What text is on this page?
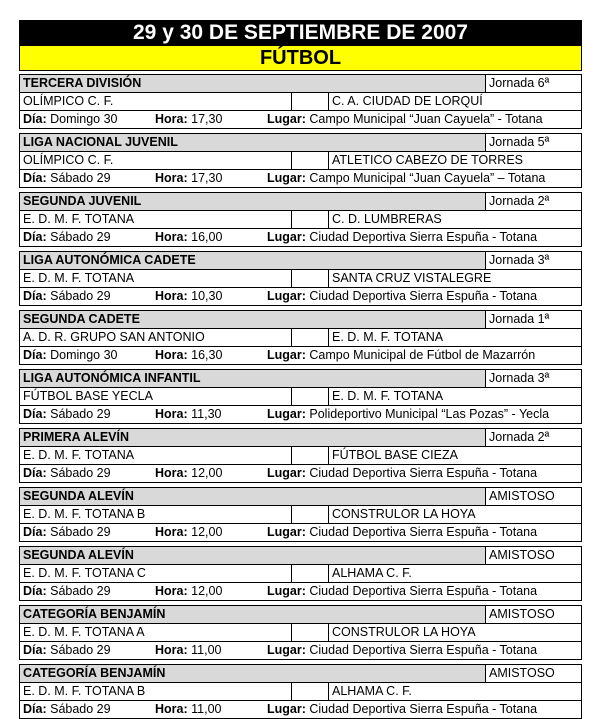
29 y 30 DE SEPTIEMBRE DE 2007
FÚTBOL
TERCERA DIVISIÓN	Jornada 6ª
OLÍMPICO C. F.	C. A. CIUDAD DE LORQUÍ
Día: Domingo 30	Hora: 17,30	Lugar: Campo Municipal “Juan Cayuela” - Totana
LIGA NACIONAL JUVENIL	Jornada 5ª
OLÍMPICO C. F.	ATLETICO CABEZO DE TORRES
Día: Sábado 29	Hora: 17,30	Lugar: Campo Municipal “Juan Cayuela” – Totana
SEGUNDA JUVENIL	Jornada 2ª
E. D. M. F. TOTANA	C. D. LUMBRERAS
Día: Sábado 29	Hora: 16,00	Lugar: Ciudad Deportiva Sierra Espuña - Totana
LIGA AUTONÓMICA CADETE	Jornada 3ª
E. D. M. F. TOTANA	SANTA CRUZ VISTALEGRE
Día: Sábado 29	Hora: 10,30	Lugar: Ciudad Deportiva Sierra Espuña - Totana
SEGUNDA CADETE	Jornada 1ª
A. D. R. GRUPO SAN ANTONIO	E. D. M. F. TOTANA
Día: Domingo 30	Hora: 16,30	Lugar: Campo Municipal de Fútbol de Mazarrón
LIGA AUTONÓMICA INFANTIL	Jornada 3ª
FÚTBOL BASE YECLA	E. D. M. F. TOTANA
Día: Sábado 29	Hora: 11,30	Lugar: Polideportivo Municipal “Las Pozas” - Yecla
PRIMERA ALEVÍN	Jornada 2ª
E. D. M. F. TOTANA	FÚTBOL BASE CIEZA
Día: Sábado 29	Hora: 12,00	Lugar: Ciudad Deportiva Sierra Espuña - Totana
SEGUNDA ALEVÍN	AMISTOSO
E. D. M. F. TOTANA B	CONSTRULOR LA HOYA
Día: Sábado 29	Hora: 12,00	Lugar: Ciudad Deportiva Sierra Espuña - Totana
SEGUNDA ALEVÍN	AMISTOSO
E. D. M. F. TOTANA C	ALHAMA C. F.
Día: Sábado 29	Hora: 12,00	Lugar: Ciudad Deportiva Sierra Espuña - Totana
CATEGORÍA BENJAMÍN	AMISTOSO
E. D. M. F. TOTANA A	CONSTRULOR LA HOYA
Día: Sábado 29	Hora: 11,00	Lugar: Ciudad Deportiva Sierra Espuña - Totana
CATEGORÍA BENJAMÍN	AMISTOSO
E. D. M. F. TOTANA B	ALHAMA C. F.
Día: Sábado 29	Hora: 11,00	Lugar: Ciudad Deportiva Sierra Espuña - Totana
